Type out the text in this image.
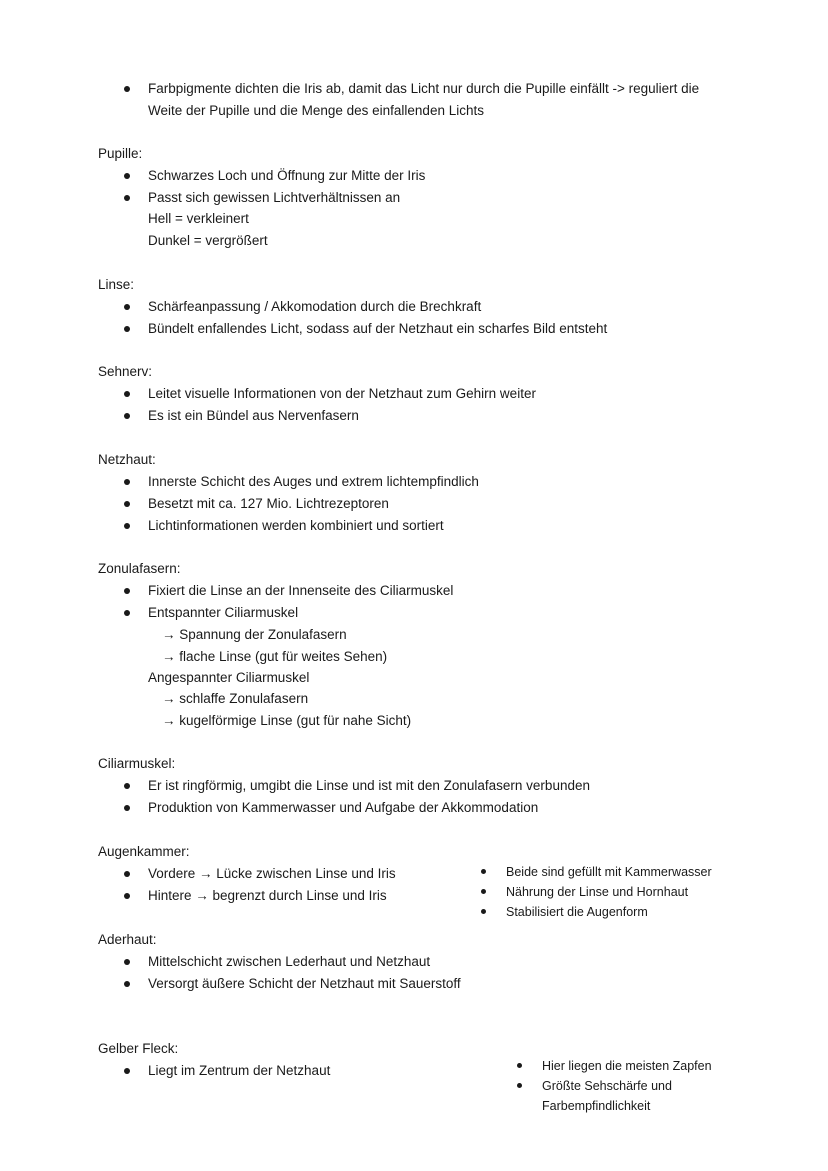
Farbpigmente dichten die Iris ab, damit das Licht nur durch die Pupille einfällt -> reguliert die
Weite der Pupille und die Menge des einfallenden Lichts
Pupille:
Schwarzes Loch und Öffnung zur Mitte der Iris
Passt sich gewissen Lichtverhältnissen an
Hell = verkleinert
Dunkel = vergrößert
Linse:
Schärfeanpassung / Akkomodation durch die Brechkraft
Bündelt enfallendes Licht, sodass auf der Netzhaut ein scharfes Bild entsteht
Sehnerv:
Leitet visuelle Informationen von der Netzhaut zum Gehirn weiter
Es ist ein Bündel aus Nervenfasern
Netzhaut:
Innerste Schicht des Auges und extrem lichtempfindlich
Besetzt mit ca. 127 Mio. Lichtrezeptoren
Lichtinformationen werden kombiniert und sortiert
Zonulafasern:
Fixiert die Linse an der Innenseite des Ciliarmuskel
Entspannter Ciliarmuskel
→ Spannung der Zonulafasern
→ flache Linse (gut für weites Sehen)
Angespannter Ciliarmuskel
→ schlaffe Zonulafasern
→ kugelförmige Linse (gut für nahe Sicht)
Ciliarmuskel:
Er ist ringförmig, umgibt die Linse und ist mit den Zonulafasern verbunden
Produktion von Kammerwasser und Aufgabe der Akkommodation
Augenkammer:
Vordere → Lücke zwischen Linse und Iris
Hintere → begrenzt durch Linse und Iris
Beide sind gefüllt mit Kammerwasser
Nährung der Linse und Hornhaut
Stabilisiert die Augenform
Aderhaut:
Mittelschicht zwischen Lederhaut und Netzhaut
Versorgt äußere Schicht der Netzhaut mit Sauerstoff
Gelber Fleck:
Liegt im Zentrum der Netzhaut	Hier liegen die meisten Zapfen
Größte Sehschärfe und
Farbempfindlichkeit
